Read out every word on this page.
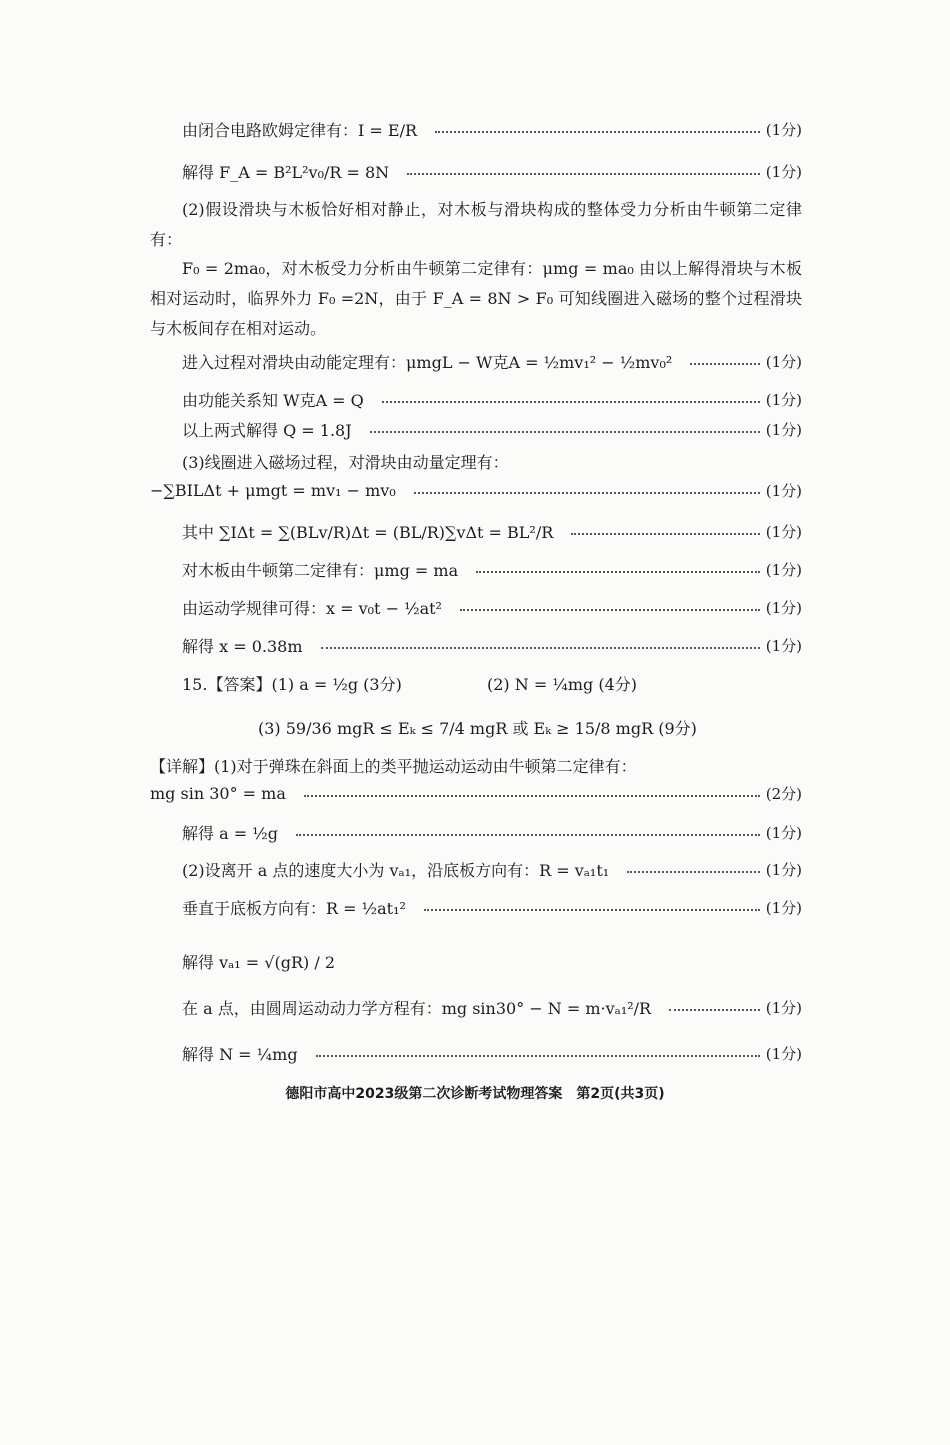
由闭合电路欧姆定律有：I = E/R	(1分)
解得 F_A = B²L²v₀/R = 8N	(1分)
(2)假设滑块与木板恰好相对静止，对木板与滑块构成的整体受力分析由牛顿第二定律有：
F₀ = 2ma₀，对木板受力分析由牛顿第二定律有：μmg = ma₀ 由以上解得滑块与木板相对运动时，临界外力 F₀ =2N，由于 F_A = 8N > F₀ 可知线圈进入磁场的整个过程滑块与木板间存在相对运动。
进入过程对滑块由动能定理有：μmgL − W克A = ½mv₁² − ½mv₀²	(1分)
由功能关系知 W克A = Q	(1分)
以上两式解得 Q = 1.8J	(1分)
(3)线圈进入磁场过程，对滑块由动量定理有：
−∑BILΔt + μmgt = mv₁ − mv₀	(1分)
其中 ∑IΔt = ∑(BLv/R)Δt = (BL/R)∑vΔt = BL²/R	(1分)
对木板由牛顿第二定律有：μmg = ma	(1分)
由运动学规律可得：x = v₀t − ½at²	(1分)
解得 x = 0.38m	(1分)
15.【答案】(1) a = ½g (3分)	(2) N = ¼mg (4分)
(3) 59/36 mgR ≤ Eₖ ≤ 7/4 mgR 或 Eₖ ≥ 15/8 mgR (9分)
【详解】(1)对于弹珠在斜面上的类平抛运动运动由牛顿第二定律有：
mg sin 30° = ma	(2分)
解得 a = ½g	(1分)
(2)设离开 a 点的速度大小为 vₐ₁，沿底板方向有：R = vₐ₁t₁	(1分)
垂直于底板方向有：R = ½at₁²	(1分)
解得 vₐ₁ = √(gR) / 2
在 a 点，由圆周运动动力学方程有：mg sin30° − N = m·vₐ₁²/R	(1分)
解得 N = ¼mg	(1分)
德阳市高中2023级第二次诊断考试物理答案　第2页(共3页)
